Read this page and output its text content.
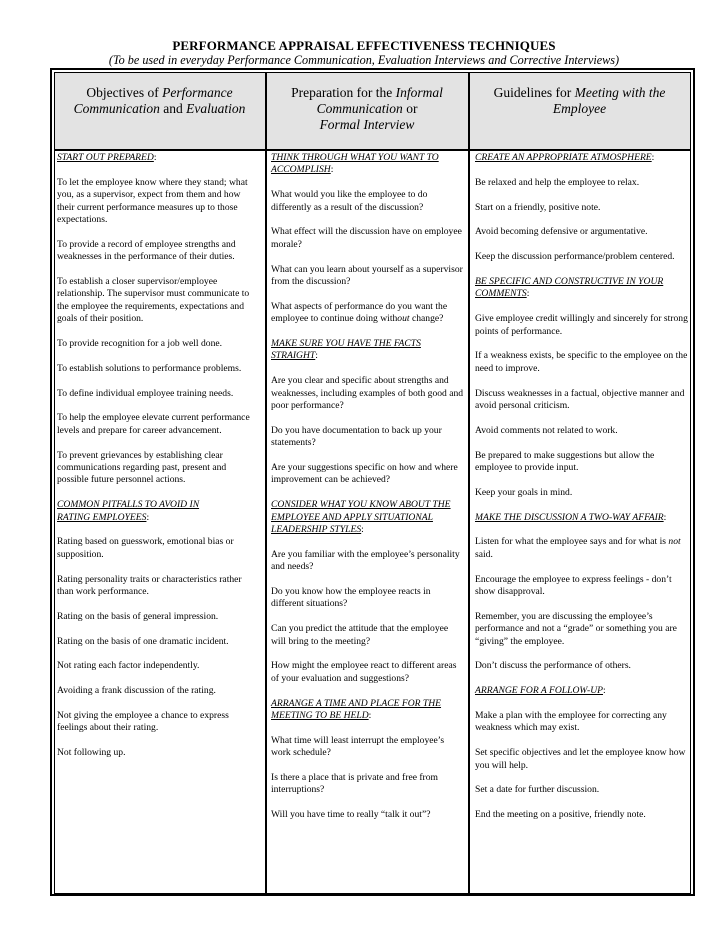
PERFORMANCE APPRAISAL EFFECTIVENESS TECHNIQUES
(To be used in everyday Performance Communication, Evaluation Interviews and Corrective Interviews)
Objectives of Performance
Communication and Evaluation
Preparation for the Informal
Communication or
Formal Interview
Guidelines for Meeting with the
Employee

START OUT PREPARED:

To let the employee know where they stand; what you, as a supervisor, expect from them and how their current performance measures up to those expectations.

To provide a record of employee strengths and weaknesses in the performance of their duties.

To establish a closer supervisor/employee relationship. The supervisor must communicate to the employee the requirements, expectations and goals of their position.

To provide recognition for a job well done.

To establish solutions to performance problems.

To define individual employee training needs.

To help the employee elevate current performance levels and prepare for career advancement.

To prevent grievances by establishing clear communications regarding past, present and possible future personnel actions.

COMMON PITFALLS TO AVOID IN RATING EMPLOYEES:

Rating based on guesswork, emotional bias or supposition.

Rating personality traits or characteristics rather than work performance.

Rating on the basis of general impression.

Rating on the basis of one dramatic incident.

Not rating each factor independently.

Avoiding a frank discussion of the rating.

Not giving the employee a chance to express feelings about their rating.

Not following up.

THINK THROUGH WHAT YOU WANT TO ACCOMPLISH:

What would you like the employee to do differently as a result of the discussion?

What effect will the discussion have on employee morale?

What can you learn about yourself as a supervisor from the discussion?

What aspects of performance do you want the employee to continue doing without change?

MAKE SURE YOU HAVE THE FACTS STRAIGHT:

Are you clear and specific about strengths and weaknesses, including examples of both good and poor performance?

Do you have documentation to back up your statements?

Are your suggestions specific on how and where improvement can be achieved?

CONSIDER WHAT YOU KNOW ABOUT THE EMPLOYEE AND APPLY SITUATIONAL LEADERSHIP STYLES:

Are you familiar with the employee’s personality and needs?

Do you know how the employee reacts in different situations?

Can you predict the attitude that the employee will bring to the meeting?

How might the employee react to different areas of your evaluation and suggestions?

ARRANGE A TIME AND PLACE FOR THE MEETING TO BE HELD:

What time will least interrupt the employee’s work schedule?

Is there a place that is private and free from interruptions?

Will you have time to really “talk it out”?

CREATE AN APPROPRIATE ATMOSPHERE:

Be relaxed and help the employee to relax.

Start on a friendly, positive note.

Avoid becoming defensive or argumentative.

Keep the discussion performance/problem centered.

BE SPECIFIC AND CONSTRUCTIVE IN YOUR COMMENTS:

Give employee credit willingly and sincerely for strong points of performance.

If a weakness exists, be specific to the employee on the need to improve.

Discuss weaknesses in a factual, objective manner and avoid personal criticism.

Avoid comments not related to work.

Be prepared to make suggestions but allow the employee to provide input.

Keep your goals in mind.

MAKE THE DISCUSSION A TWO-WAY AFFAIR:

Listen for what the employee says and for what is not said.

Encourage the employee to express feelings - don’t show disapproval.

Remember, you are discussing the employee’s performance and not a “grade” or something you are “giving” the employee.

Don’t discuss the performance of others.

ARRANGE FOR A FOLLOW-UP:

Make a plan with the employee for correcting any weakness which may exist.

Set specific objectives and let the employee know how you will help.

Set a date for further discussion.

End the meeting on a positive, friendly note.
